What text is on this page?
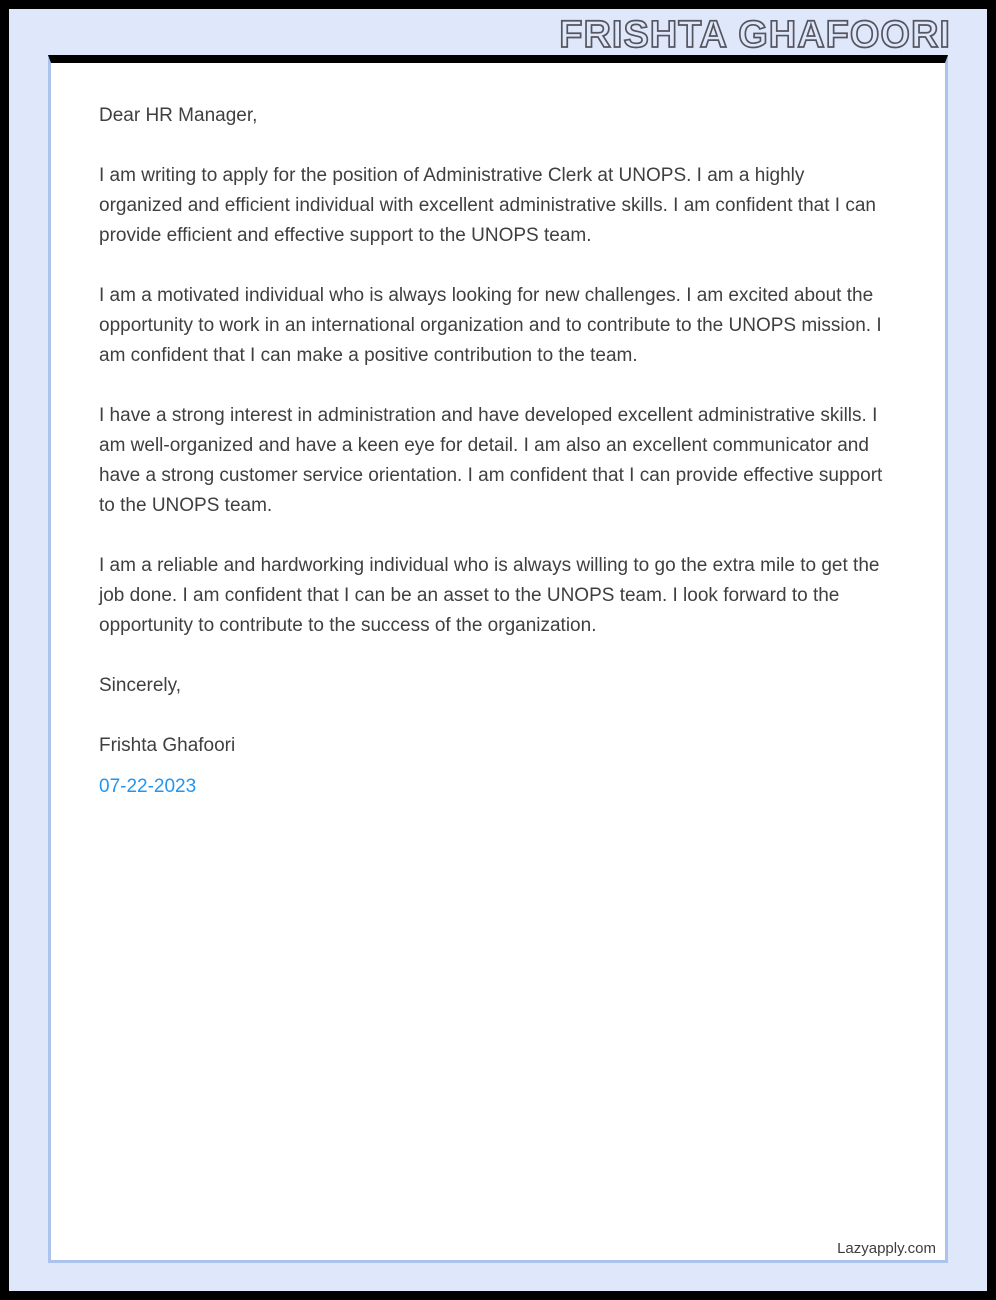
FRISHTA GHAFOORI

Dear HR Manager,

I am writing to apply for the position of Administrative Clerk at UNOPS. I am a highly organized and efficient individual with excellent administrative skills. I am confident that I can provide efficient and effective support to the UNOPS team.

I am a motivated individual who is always looking for new challenges. I am excited about the opportunity to work in an international organization and to contribute to the UNOPS mission. I am confident that I can make a positive contribution to the team.

I have a strong interest in administration and have developed excellent administrative skills. I am well-organized and have a keen eye for detail. I am also an excellent communicator and have a strong customer service orientation. I am confident that I can provide effective support to the UNOPS team.

I am a reliable and hardworking individual who is always willing to go the extra mile to get the job done. I am confident that I can be an asset to the UNOPS team. I look forward to the opportunity to contribute to the success of the organization.

Sincerely,

Frishta Ghafoori

07-22-2023
Lazyapply.com
